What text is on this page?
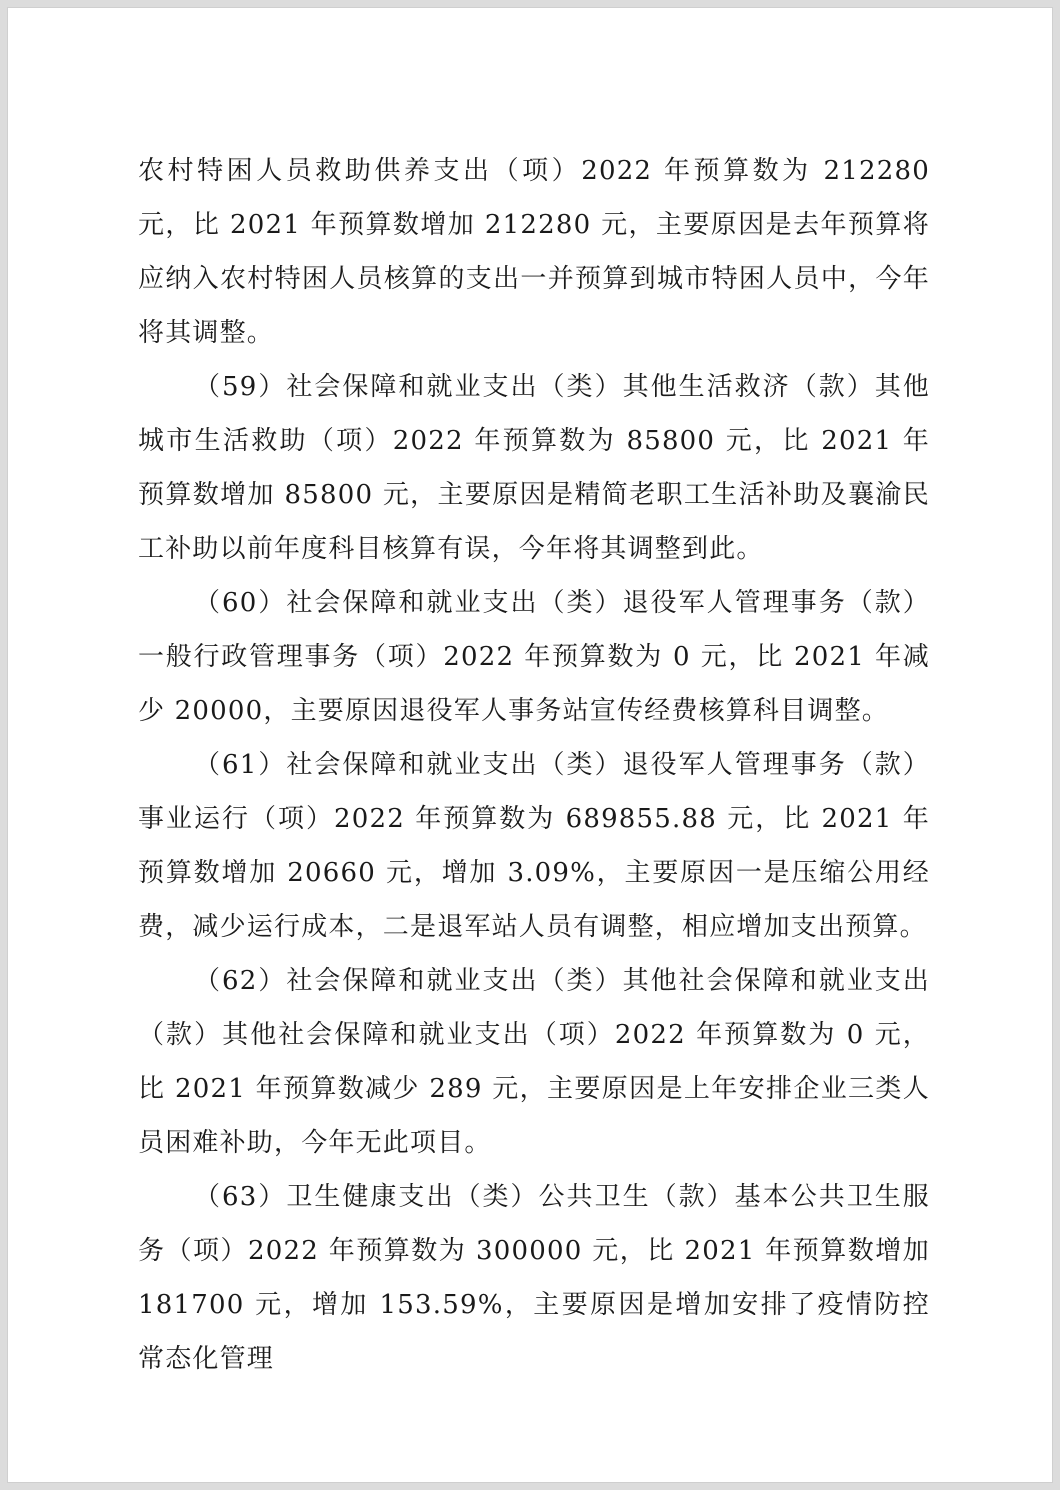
农村特困人员救助供养支出（项）2022 年预算数为 212280 元，比 2021 年预算数增加 212280 元，主要原因是去年预算将应纳入农村特困人员核算的支出一并预算到城市特困人员中，今年将其调整。

（59）社会保障和就业支出（类）其他生活救济（款）其他城市生活救助（项）2022 年预算数为 85800 元，比 2021 年预算数增加 85800 元，主要原因是精简老职工生活补助及襄渝民工补助以前年度科目核算有误，今年将其调整到此。

（60）社会保障和就业支出（类）退役军人管理事务（款）一般行政管理事务（项）2022 年预算数为 0 元，比 2021 年减少 20000，主要原因退役军人事务站宣传经费核算科目调整。

（61）社会保障和就业支出（类）退役军人管理事务（款）事业运行（项）2022 年预算数为 689855.88 元，比 2021 年预算数增加 20660 元，增加 3.09%，主要原因一是压缩公用经费，减少运行成本，二是退军站人员有调整，相应增加支出预算。

（62）社会保障和就业支出（类）其他社会保障和就业支出（款）其他社会保障和就业支出（项）2022 年预算数为 0 元，比 2021 年预算数减少 289 元，主要原因是上年安排企业三类人员困难补助，今年无此项目。

（63）卫生健康支出（类）公共卫生（款）基本公共卫生服务（项）2022 年预算数为 300000 元，比 2021 年预算数增加 181700 元，增加 153.59%，主要原因是增加安排了疫情防控常态化管理
